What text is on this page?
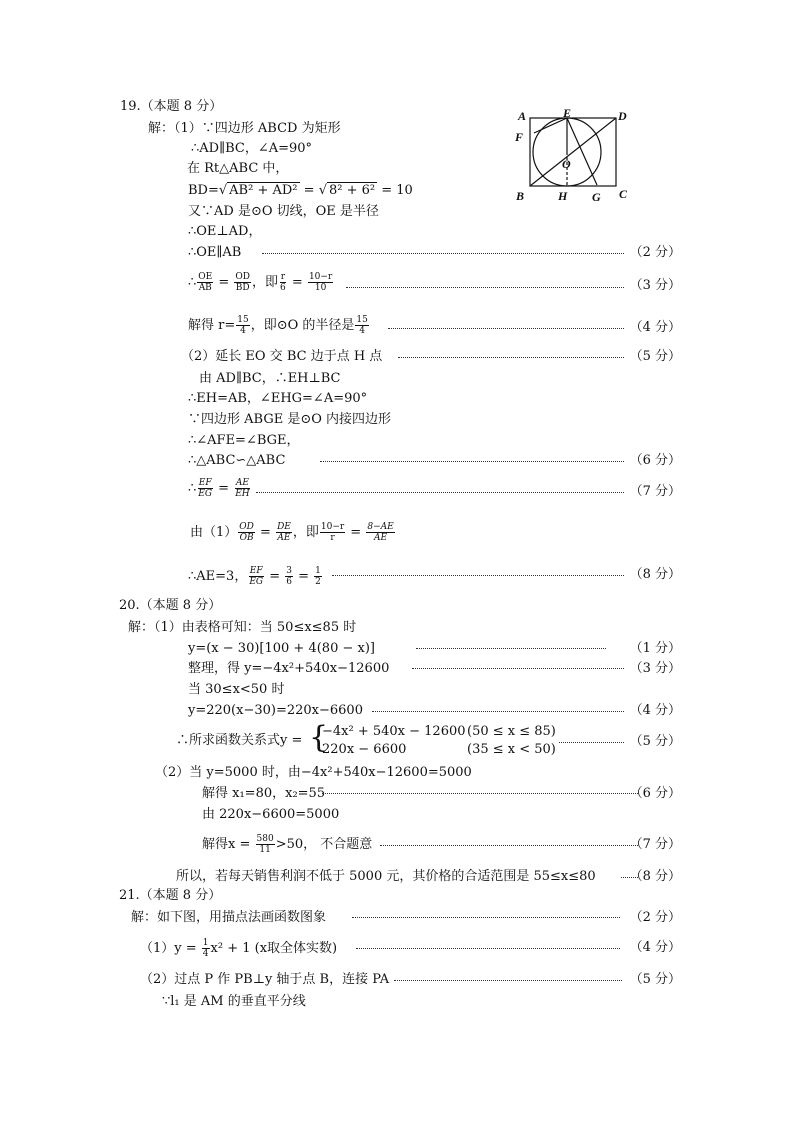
19.（本题 8 分）
解：（1）∵四边形 ABCD 为矩形
∴AD∥BC，∠A=90°
在 Rt△ABC 中，
BD=√ AB² + AD² = √ 8² + 6² = 10
又∵AD 是⊙O 切线，OE 是半径
∴OE⊥AD，
∴OE∥AB	（2 分）
∴ $\frac{OE}{AB} = \frac{OD}{BD}$ ，即 $\frac{r}{6} = \frac{10-r}{10}$	（3 分）
解得 $r= \frac{15}{4}$ ，即⊙O 的半径是 $\frac{15}{4}$	（4 分）
（2）延长 EO 交 BC 边于点 H 点	（5 分）
由 AD∥BC，∴EH⊥BC
∴EH=AB，∠EHG=∠A=90°
∵四边形 ABGE 是⊙O 内接四边形
∴∠AFE=∠BGE，
∴△ABC∽△ABC	（6 分）
∴ $\frac{EF}{EG} = \frac{AE}{EH}$	（7 分）
由$(1) \frac{OD}{OB} = \frac{DE}{AE}$ ，即 $\frac{10-r}{r} = \frac{8-AE}{AE}$
∴AE=3， $\frac{EF}{EG} = \frac{3}{6} = \frac{1}{2}$	（8 分）
A	E	D
F
O
B	H G C
20.（本题 8 分）
解：（1）由表格可知：当 50≤x≤85 时
y=(x − 30)[100 + 4(80 − x)]	（1 分）
整理，得 y=−4x²+540x−12600	（3 分）
当 30≤x<50 时
y=220(x−30)=220x−6600	（4 分）
∴所求函数关系式y = {
−4x² + 540x − 12600 (50 ≤ x ≤ 85)
220x − 6600	(35 ≤ x < 50)
（5 分）
（2）当 y=5000 时，由−4x²+540x−12600=5000
解得 x₁=80，x₂=55	（6 分）
由 220x−6600=5000
解得$x = \frac{580}{11} >50$， 不合题意	（7 分）
所以，若每天销售利润不低于 5000 元，其价格的合适范围是 55≤x≤80	（8 分）
21.（本题 8 分）
解：如下图，用描点法画函数图象	（2 分）
$(1)y = \frac{1}{4} x^2 + 1$ (x取全体实数)	（4 分）
（2）过点 P 作 PB⊥y 轴于点 B，连接 PA	（5 分）
∵l₁ 是 AM 的垂直平分线
